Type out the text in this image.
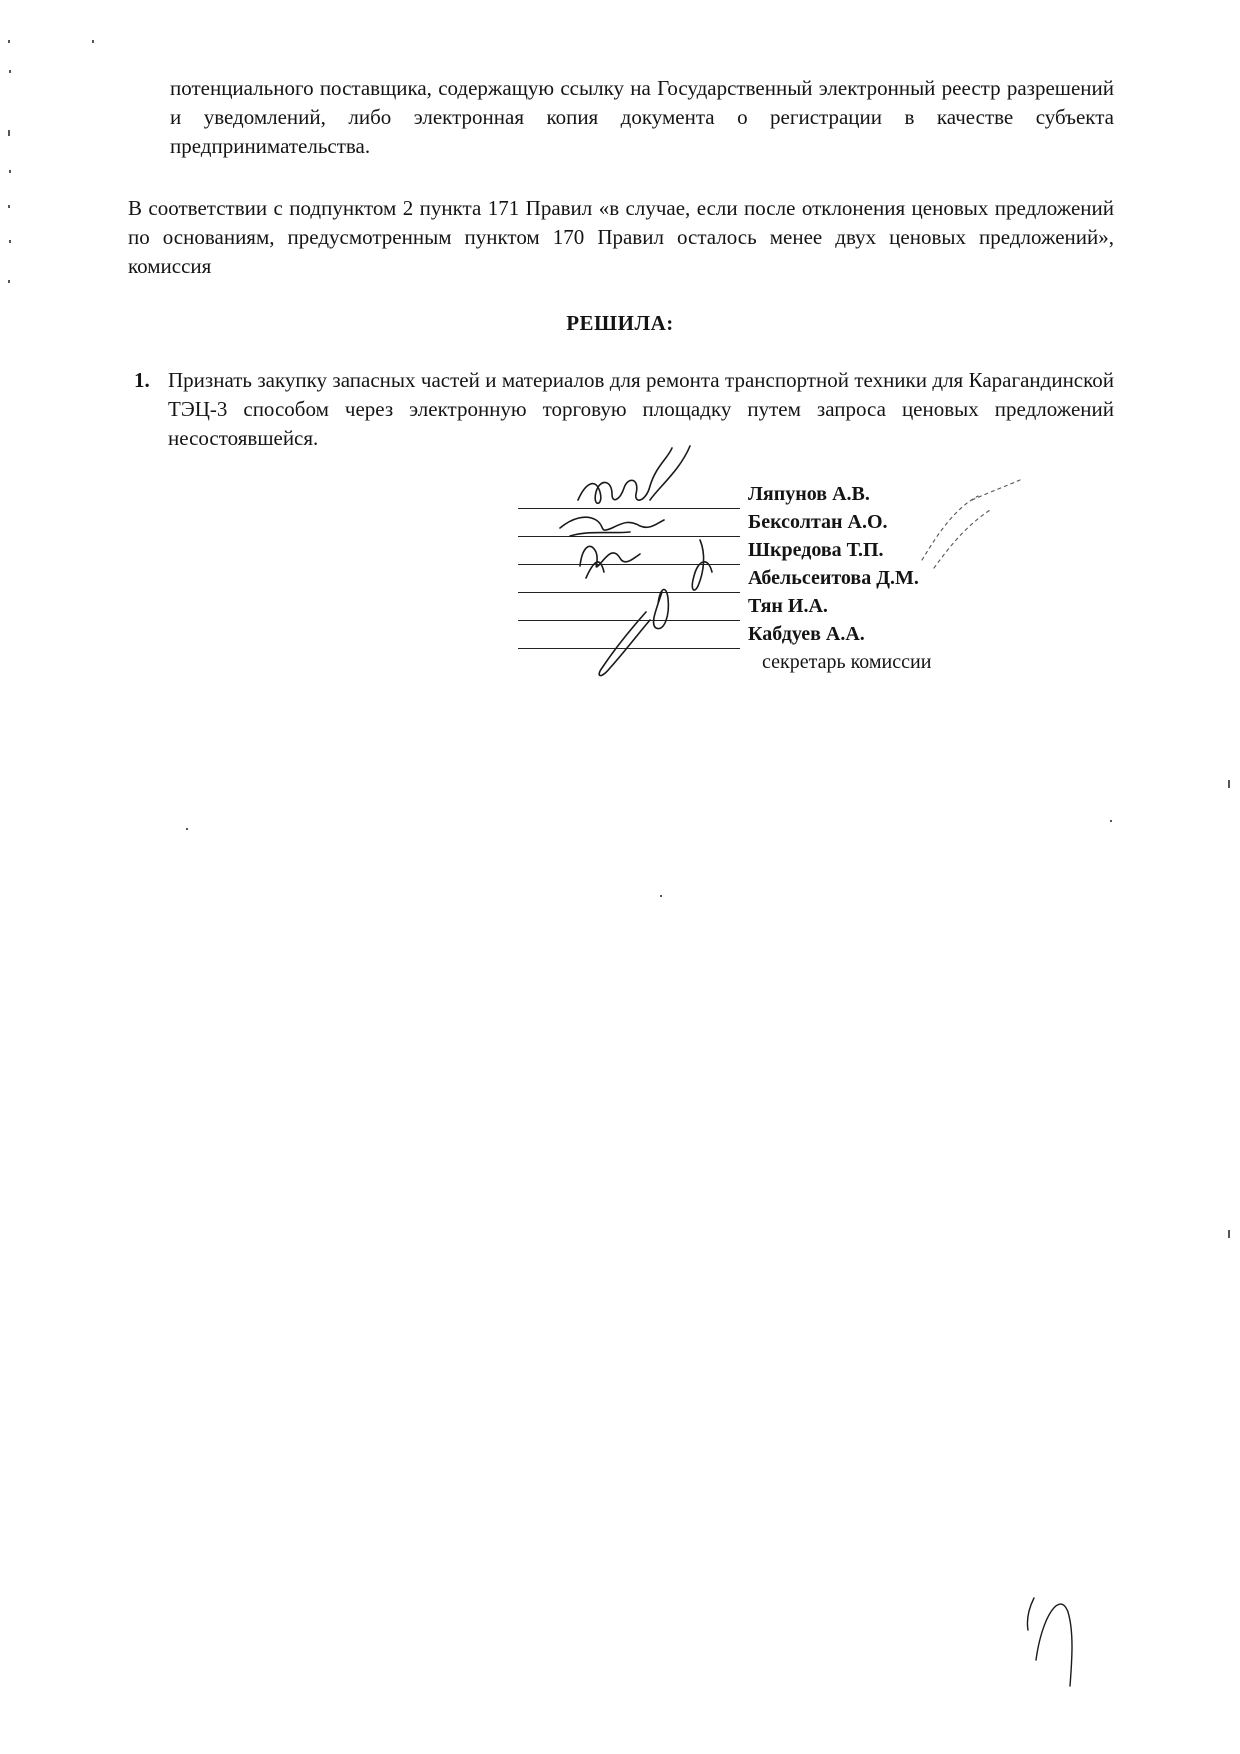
потенциального поставщика, содержащую ссылку на Государственный электронный реестр разрешений и уведомлений, либо электронная копия документа о регистрации в качестве субъекта предпринимательства.

В соответствии с подпунктом 2 пункта 171 Правил «в случае, если после отклонения ценовых предложений по основаниям, предусмотренным пунктом 170 Правил осталось менее двух ценовых предложений», комиссия

РЕШИЛА:

1. Признать закупку запасных частей и материалов для ремонта транспортной техники для Карагандинской ТЭЦ-3 способом через электронную торговую площадку путем запроса ценовых предложений несостоявшейся.

Ляпунов А.В.
Бексолтан А.О.
Шкредова Т.П.
Абельсеитова Д.М.
Тян И.А.
Кабдуев А.А.
секретарь комиссии
